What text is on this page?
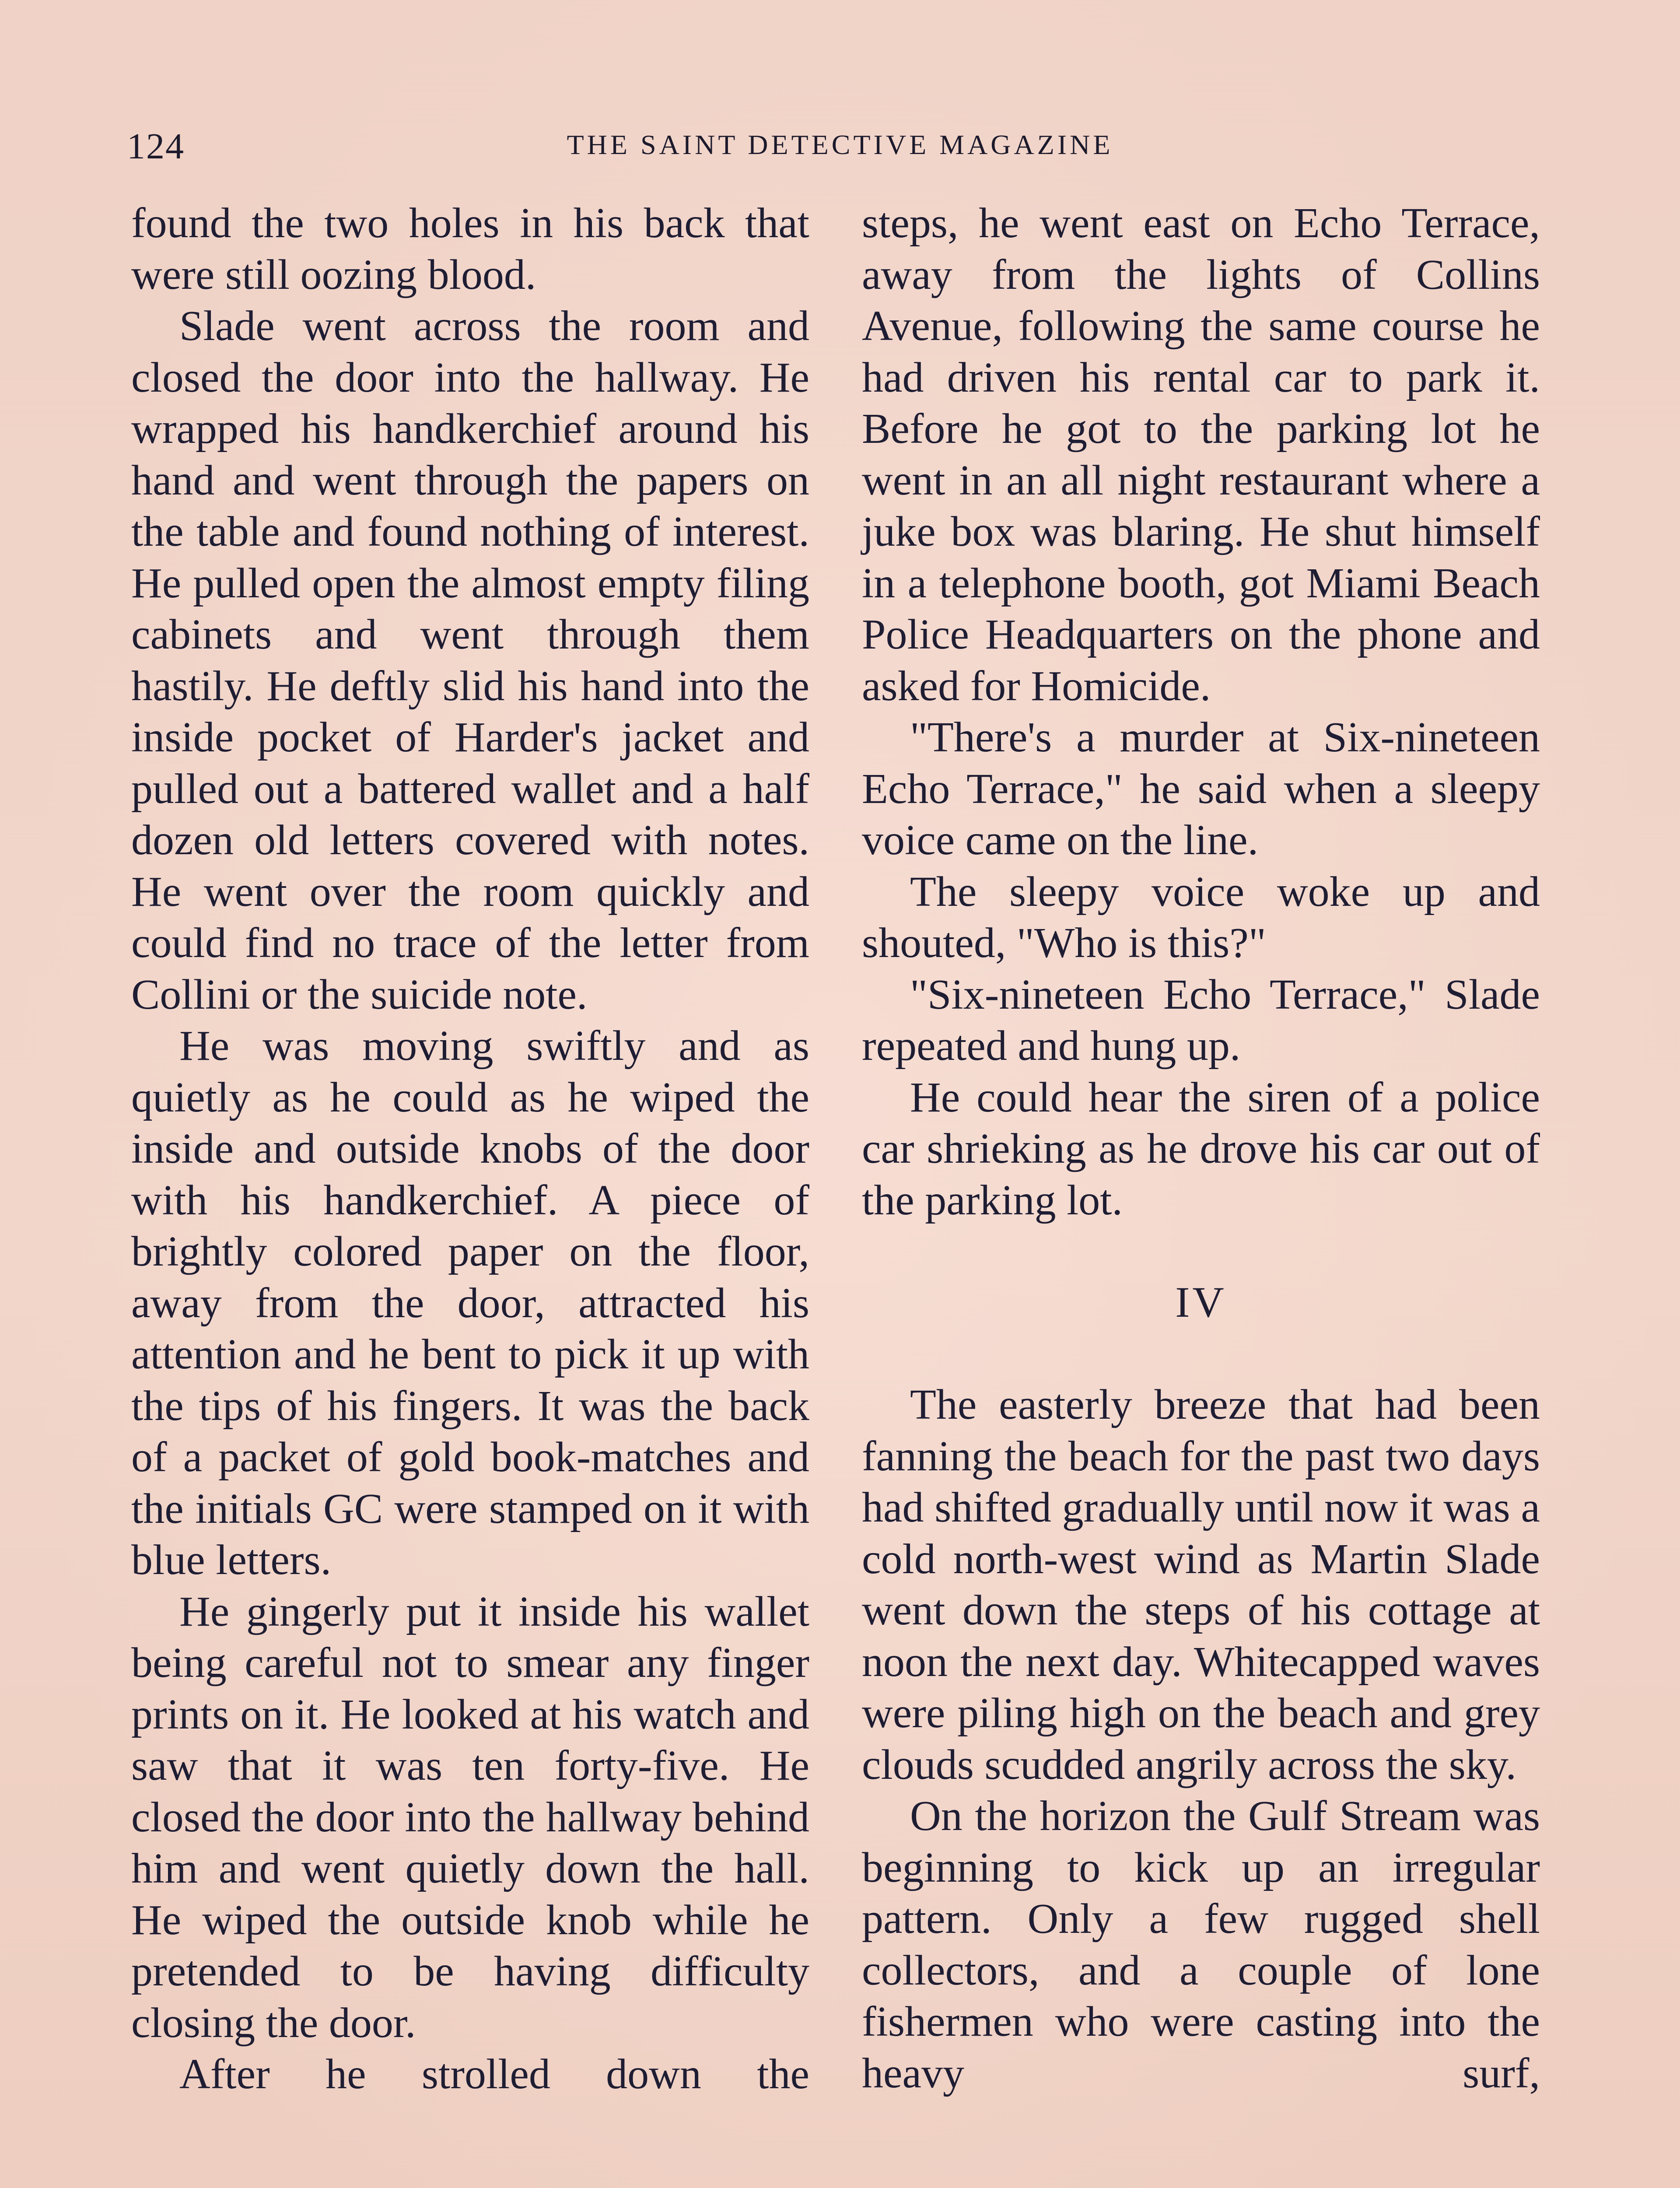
124	THE SAINT DETECTIVE MAGAZINE

found the two holes in his back that were still oozing blood.

Slade went across the room and closed the door into the hallway. He wrapped his handkerchief around his hand and went through the papers on the table and found nothing of interest. He pulled open the almost empty filing cabinets and went through them hastily. He deftly slid his hand into the inside pocket of Harder's jacket and pulled out a battered wallet and a half dozen old letters covered with notes. He went over the room quickly and could find no trace of the letter from Collini or the suicide note.

He was moving swiftly and as quietly as he could as he wiped the inside and outside knobs of the door with his handkerchief. A piece of brightly colored paper on the floor, away from the door, attracted his attention and he bent to pick it up with the tips of his fingers. It was the back of a packet of gold book-matches and the initials GC were stamped on it with blue letters.

He gingerly put it inside his wallet being careful not to smear any finger prints on it. He looked at his watch and saw that it was ten forty-five. He closed the door into the hallway behind him and went quietly down the hall. He wiped the outside knob while he pretended to be having difficulty closing the door.

After he strolled down the

steps, he went east on Echo Terrace, away from the lights of Collins Avenue, following the same course he had driven his rental car to park it. Before he got to the parking lot he went in an all night restaurant where a juke box was blaring. He shut himself in a telephone booth, got Miami Beach Police Headquarters on the phone and asked for Homicide.

"There's a murder at Six-nineteen Echo Terrace," he said when a sleepy voice came on the line.

The sleepy voice woke up and shouted, "Who is this?"

"Six-nineteen Echo Terrace," Slade repeated and hung up.

He could hear the siren of a police car shrieking as he drove his car out of the parking lot.

IV

The easterly breeze that had been fanning the beach for the past two days had shifted gradually until now it was a cold north-west wind as Martin Slade went down the steps of his cottage at noon the next day. Whitecapped waves were piling high on the beach and grey clouds scudded angrily across the sky.

On the horizon the Gulf Stream was beginning to kick up an irregular pattern. Only a few rugged shell collectors, and a couple of lone fishermen who were casting into the heavy surf,
